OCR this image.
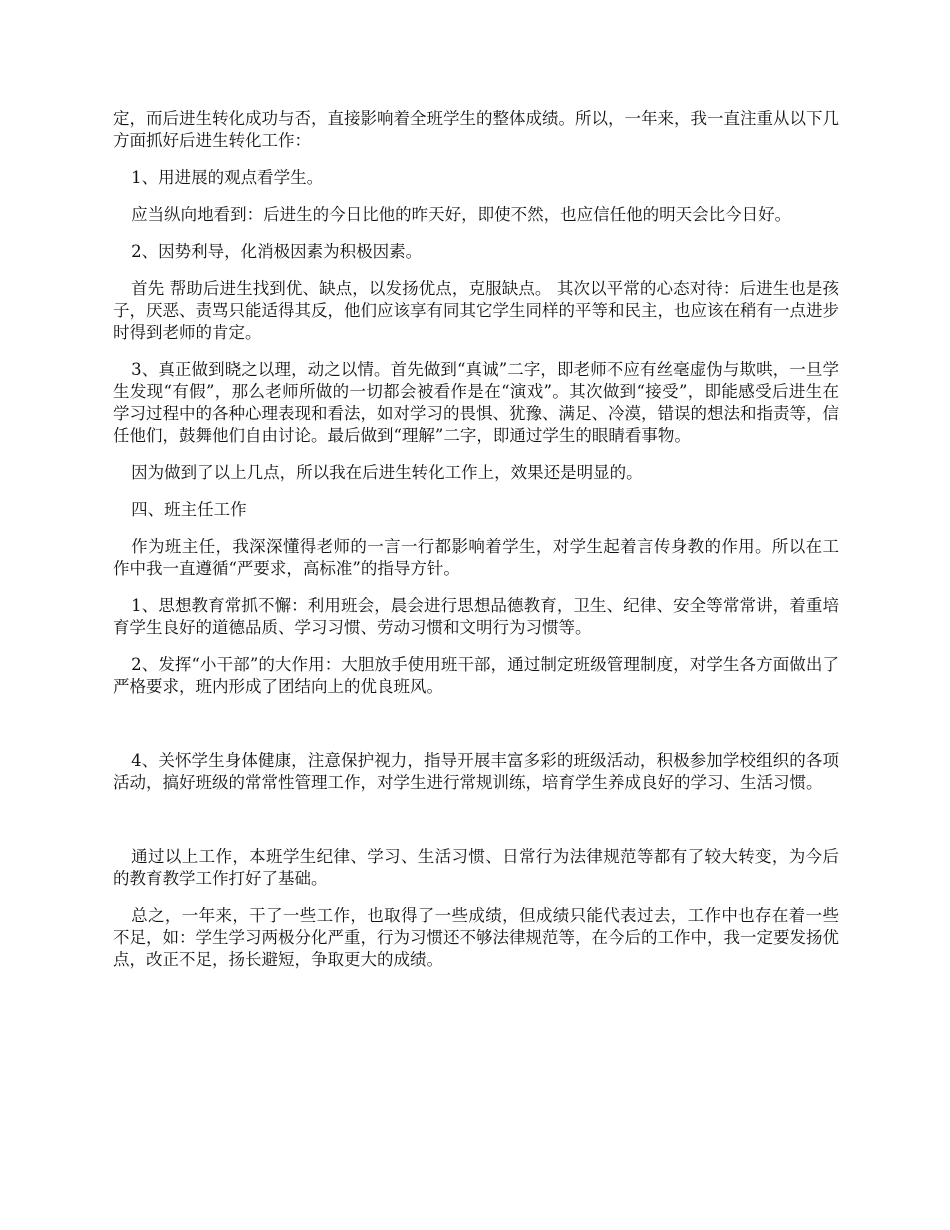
定，而后进生转化成功与否，直接影响着全班学生的整体成绩。所以，一年来，我一直注重从以下几方面抓好后进生转化工作：

1、用进展的观点看学生。

应当纵向地看到：后进生的今日比他的昨天好，即使不然，也应信任他的明天会比今日好。

2、因势利导，化消极因素为积极因素。

首先 帮助后进生找到优、缺点，以发扬优点，克服缺点。 其次以平常的心态对待：后进生也是孩子，厌恶、责骂只能适得其反，他们应该享有同其它学生同样的平等和民主，也应该在稍有一点进步时得到老师的肯定。

3、真正做到晓之以理，动之以情。首先做到“真诚”二字，即老师不应有丝毫虚伪与欺哄，一旦学生发现“有假”，那么老师所做的一切都会被看作是在“演戏”。其次做到“接受”，即能感受后进生在学习过程中的各种心理表现和看法，如对学习的畏惧、犹豫、满足、冷漠，错误的想法和指责等，信任他们，鼓舞他们自由讨论。最后做到“理解”二字，即通过学生的眼睛看事物。

因为做到了以上几点，所以我在后进生转化工作上，效果还是明显的。

四、班主任工作

作为班主任，我深深懂得老师的一言一行都影响着学生，对学生起着言传身教的作用。所以在工作中我一直遵循“严要求，高标准”的指导方针。

1、思想教育常抓不懈：利用班会，晨会进行思想品德教育，卫生、纪律、安全等常常讲，着重培育学生良好的道德品质、学习习惯、劳动习惯和文明行为习惯等。

2、发挥“小干部”的大作用：大胆放手使用班干部，通过制定班级管理制度，对学生各方面做出了严格要求，班内形成了团结向上的优良班风。

4、关怀学生身体健康，注意保护视力，指导开展丰富多彩的班级活动，积极参加学校组织的各项活动，搞好班级的常常性管理工作，对学生进行常规训练，培育学生养成良好的学习、生活习惯。

通过以上工作，本班学生纪律、学习、生活习惯、日常行为法律规范等都有了较大转变，为今后的教育教学工作打好了基础。

总之，一年来，干了一些工作，也取得了一些成绩，但成绩只能代表过去，工作中也存在着一些不足，如：学生学习两极分化严重，行为习惯还不够法律规范等，在今后的工作中，我一定要发扬优点，改正不足，扬长避短，争取更大的成绩。
